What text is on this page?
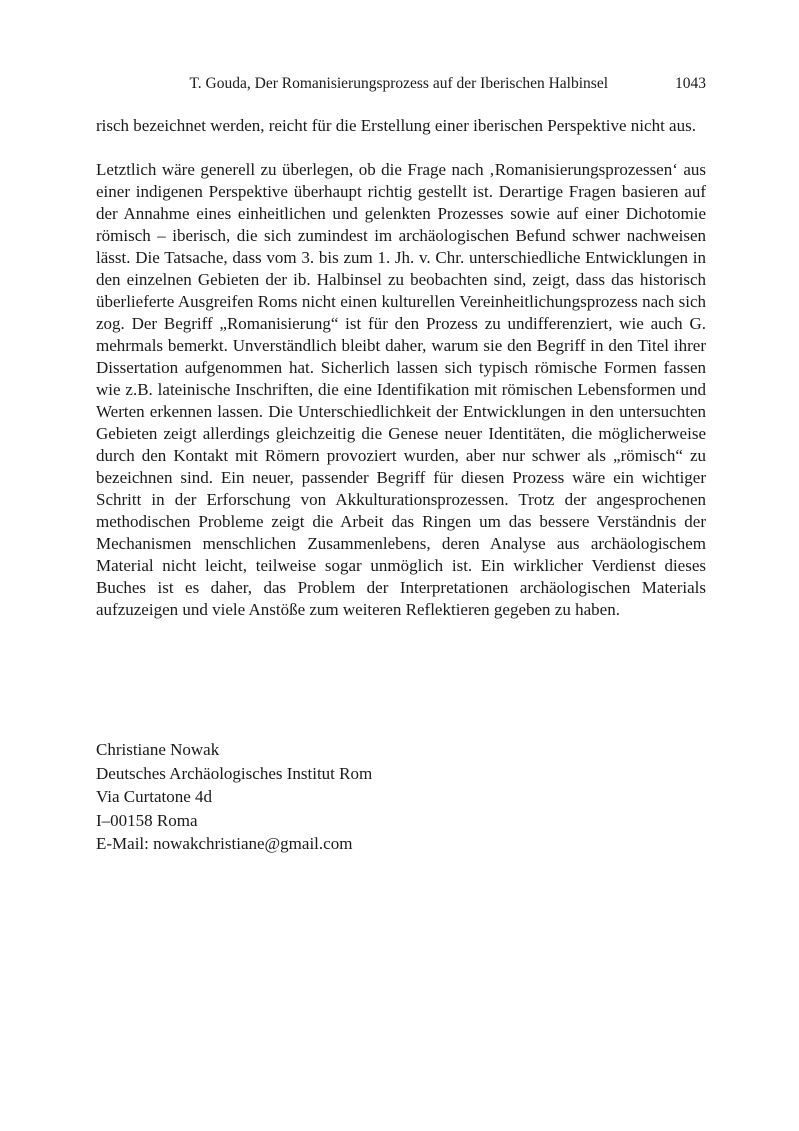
T. Gouda, Der Romanisierungsprozess auf der Iberischen Halbinsel	1043

risch bezeichnet werden, reicht für die Erstellung einer iberischen Perspektive nicht aus.

Letztlich wäre generell zu überlegen, ob die Frage nach ‚Romanisierungsprozessen‘ aus einer indigenen Perspektive überhaupt richtig gestellt ist. Derartige Fragen basieren auf der Annahme eines einheitlichen und gelenkten Prozesses sowie auf einer Dichotomie römisch – iberisch, die sich zumindest im archäologischen Befund schwer nachweisen lässt. Die Tatsache, dass vom 3. bis zum 1. Jh. v. Chr. unterschiedliche Entwicklungen in den einzelnen Gebieten der ib. Halbinsel zu beobachten sind, zeigt, dass das historisch überlieferte Ausgreifen Roms nicht einen kulturellen Vereinheitlichungsprozess nach sich zog. Der Begriff „Romanisierung“ ist für den Prozess zu undifferenziert, wie auch G. mehrmals bemerkt. Unverständlich bleibt daher, warum sie den Begriff in den Titel ihrer Dissertation aufgenommen hat. Sicherlich lassen sich typisch römische Formen fassen wie z.B. lateinische Inschriften, die eine Identifikation mit römischen Lebensformen und Werten erkennen lassen. Die Unterschiedlichkeit der Entwicklungen in den untersuchten Gebieten zeigt allerdings gleichzeitig die Genese neuer Identitäten, die möglicherweise durch den Kontakt mit Römern provoziert wurden, aber nur schwer als „römisch“ zu bezeichnen sind. Ein neuer, passender Begriff für diesen Prozess wäre ein wichtiger Schritt in der Erforschung von Akkulturationsprozessen. Trotz der angesprochenen methodischen Probleme zeigt die Arbeit das Ringen um das bessere Verständnis der Mechanismen menschlichen Zusammenlebens, deren Analyse aus archäologischem Material nicht leicht, teilweise sogar unmöglich ist. Ein wirklicher Verdienst dieses Buches ist es daher, das Problem der Interpretationen archäologischen Materials aufzuzeigen und viele Anstöße zum weiteren Reflektieren gegeben zu haben.

Christiane Nowak
Deutsches Archäologisches Institut Rom
Via Curtatone 4d
I–00158 Roma
E-Mail: nowakchristiane@gmail.com
